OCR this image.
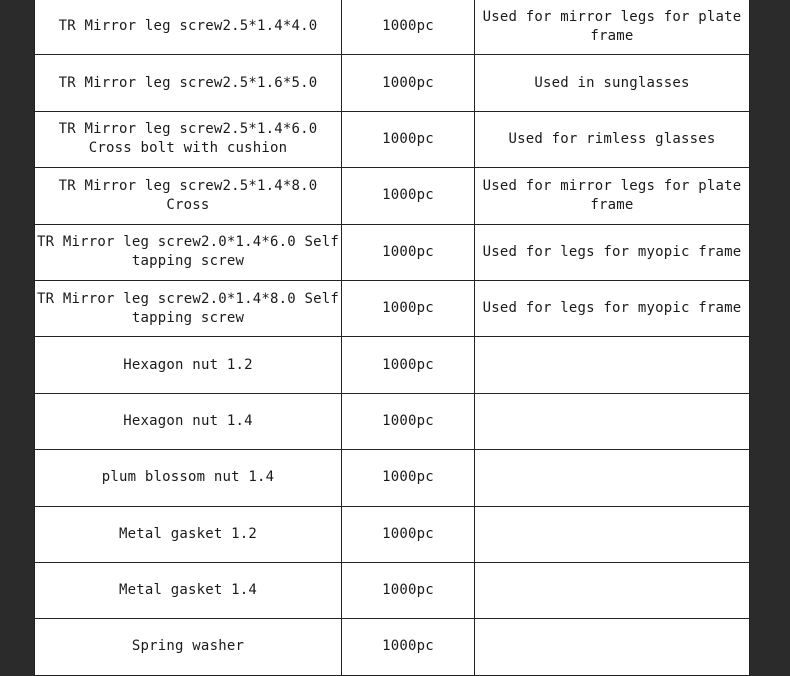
TR Mirror leg screw2.5*1.4*4.0	1000pc	Used for mirror legs for plate frame
TR Mirror leg screw2.5*1.6*5.0	1000pc	Used in sunglasses
TR Mirror leg screw2.5*1.4*6.0 Cross bolt with cushion	1000pc	Used for rimless glasses
TR Mirror leg screw2.5*1.4*8.0 Cross	1000pc	Used for mirror legs for plate frame
TR Mirror leg screw2.0*1.4*6.0 Self tapping screw	1000pc	Used for legs for myopic frame
TR Mirror leg screw2.0*1.4*8.0 Self tapping screw	1000pc	Used for legs for myopic frame
Hexagon nut 1.2	1000pc	
Hexagon nut 1.4	1000pc	
plum blossom nut 1.4	1000pc	
Metal gasket 1.2	1000pc	
Metal gasket 1.4	1000pc	
Spring washer	1000pc	
